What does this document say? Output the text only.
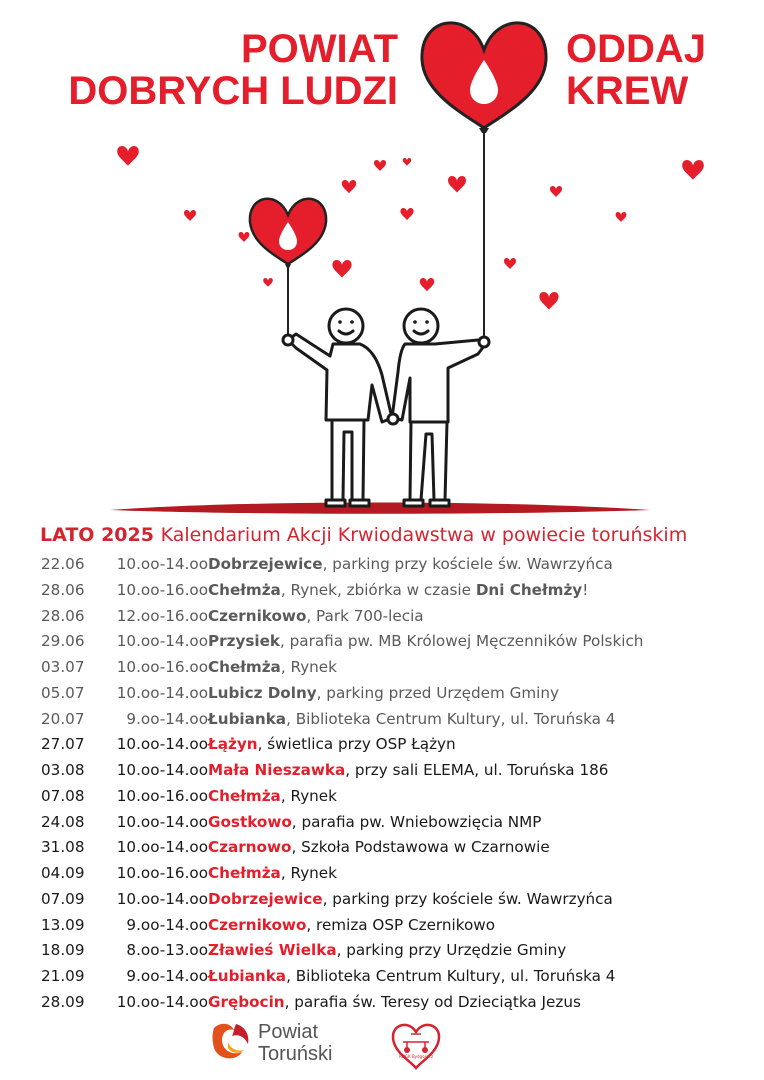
POWIAT
DOBRYCH LUDZI
ODDAJ
KREW
LATO 2025 Kalendarium Akcji Krwiodawstwa w powiecie toruńskim
22.06	10.oo-14.oo Dobrzejewice, parking przy kościele św. Wawrzyńca
28.06	10.oo-16.oo Chełmża, Rynek, zbiórka w czasie Dni Chełmży!
28.06	12.oo-16.oo Czernikowo, Park 700-lecia
29.06	10.oo-14.oo Przysiek, parafia pw. MB Królowej Męczenników Polskich
03.07	10.oo-16.oo Chełmża, Rynek
05.07	10.oo-14.oo Lubicz Dolny, parking przed Urzędem Gminy
20.07	9.oo-14.oo Łubianka, Biblioteka Centrum Kultury, ul. Toruńska 4
27.07	10.oo-14.oo Łążyn, świetlica przy OSP Łążyn
03.08	10.oo-14.oo Mała Nieszawka, przy sali ELEMA, ul. Toruńska 186
07.08	10.oo-16.oo Chełmża, Rynek
24.08	10.oo-14.oo Gostkowo, parafia pw. Wniebowzięcia NMP
31.08	10.oo-14.oo Czarnowo, Szkoła Podstawowa w Czarnowie
04.09	10.oo-16.oo Chełmża, Rynek
07.09	10.oo-14.oo Dobrzejewice, parking przy kościele św. Wawrzyńca
13.09	9.oo-14.oo Czernikowo, remiza OSP Czernikowo
18.09	8.oo-13.oo Zławieś Wielka, parking przy Urzędzie Gminy
21.09	9.oo-14.oo Łubianka, Biblioteka Centrum Kultury, ul. Toruńska 4
28.09	10.oo-14.oo Grębocin, parafia św. Teresy od Dzieciątka Jezus
Powiat
Toruński	RCKiK Bydgoszcz
